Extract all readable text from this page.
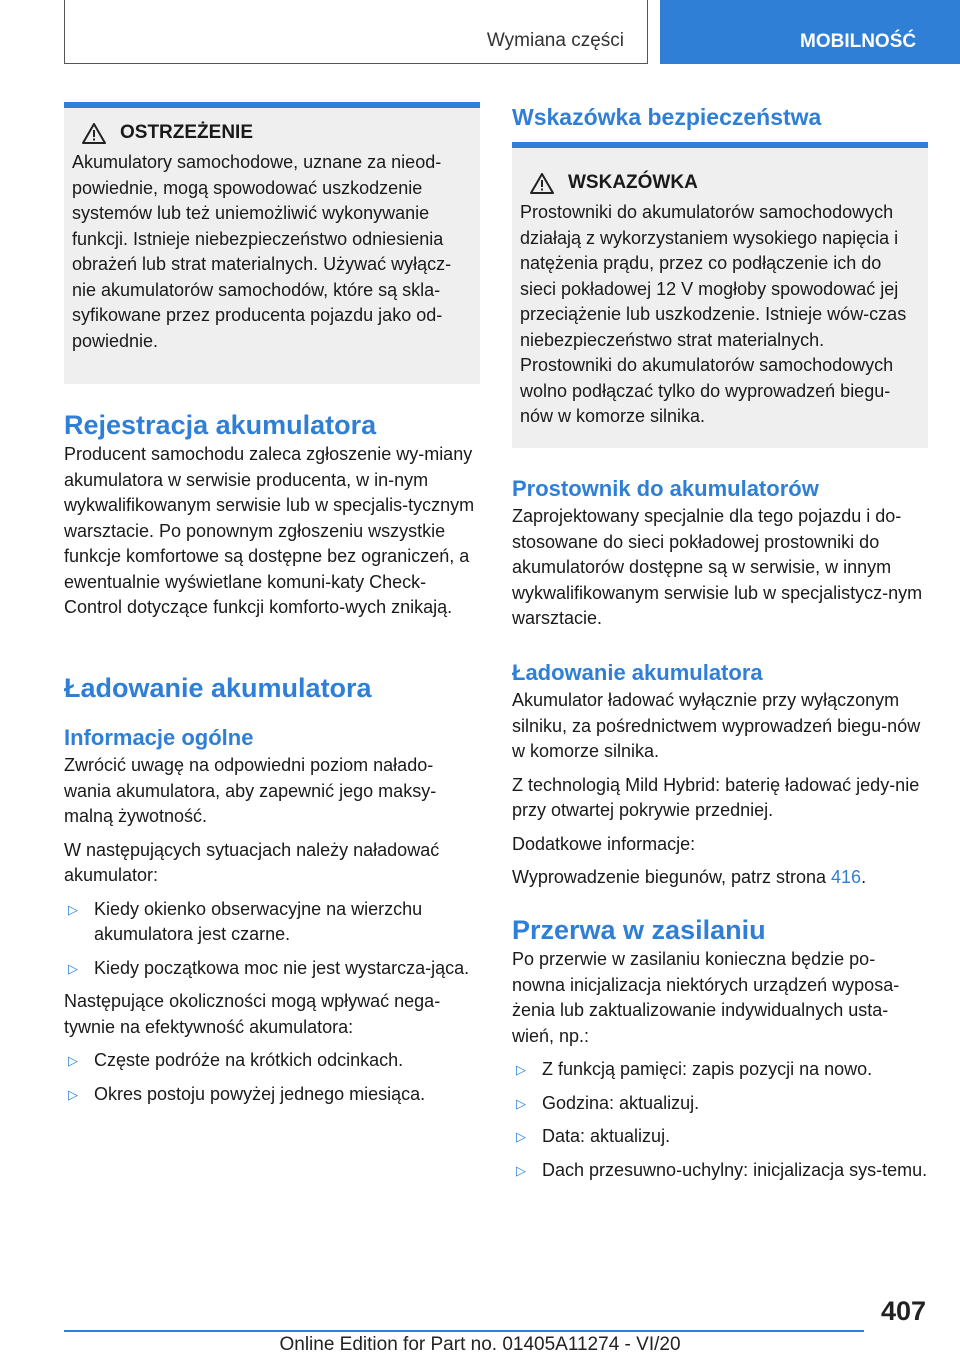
Wymiana części	MOBILNOŚĆ
OSTRZEŻENIE

Akumulatory samochodowe, uznane za nieod-powiednie, mogą spowodować uszkodzenie systemów lub też uniemożliwić wykonywanie funkcji. Istnieje niebezpieczeństwo odniesienia obrażeń lub strat materialnych. Używać wyłącz-nie akumulatorów samochodów, które są skla-syfikowane przez producenta pojazdu jako od-powiednie.

Rejestracja akumulatora

Producent samochodu zaleca zgłoszenie wy-miany akumulatora w serwisie producenta, w in-nym wykwalifikowanym serwisie lub w specjalis-tycznym warsztacie. Po ponownym zgłoszeniu wszystkie funkcje komfortowe są dostępne bez ograniczeń, a ewentualnie wyświetlane komuni-katy Check-Control dotyczące funkcji komforto-wych znikają.

Ładowanie akumulatora
Informacje ogólne

Zwrócić uwagę na odpowiedni poziom nałado-wania akumulatora, aby zapewnić jego maksy-malną żywotność.

W następujących sytuacjach należy naładować akumulator:

▷ Kiedy okienko obserwacyjne na wierzchu akumulatora jest czarne.
▷ Kiedy początkowa moc nie jest wystarcza-jąca.

Następujące okoliczności mogą wpływać nega-tywnie na efektywność akumulatora:

▷ Częste podróże na krótkich odcinkach.
▷ Okres postoju powyżej jednego miesiąca.
Wskazówka bezpieczeństwa
WSKAZÓWKA

Prostowniki do akumulatorów samochodowych działają z wykorzystaniem wysokiego napięcia i natężenia prądu, przez co podłączenie ich do sieci pokładowej 12 V mogłoby spowodować jej przeciążenie lub uszkodzenie. Istnieje wów-czas niebezpieczeństwo strat materialnych. Prostowniki do akumulatorów samochodowych wolno podłączać tylko do wyprowadzeń biegu-nów w komorze silnika.

Prostownik do akumulatorów

Zaprojektowany specjalnie dla tego pojazdu i do-stosowane do sieci pokładowej prostowniki do akumulatorów dostępne są w serwisie, w innym wykwalifikowanym serwisie lub w specjalistycz-nym warsztacie.

Ładowanie akumulatora

Akumulator ładować wyłącznie przy wyłączonym silniku, za pośrednictwem wyprowadzeń biegu-nów w komorze silnika.

Z technologią Mild Hybrid: baterię ładować jedy-nie przy otwartej pokrywie przedniej.

Dodatkowe informacje:

Wyprowadzenie biegunów, patrz strona 416.

Przerwa w zasilaniu

Po przerwie w zasilaniu konieczna będzie po-nowna inicjalizacja niektórych urządzeń wyposa-żenia lub zaktualizowanie indywidualnych usta-wień, np.:

▷ Z funkcją pamięci: zapis pozycji na nowo.
▷ Godzina: aktualizuj.
▷ Data: aktualizuj.
▷ Dach przesuwno-uchylny: inicjalizacja sys-temu.
407
Online Edition for Part no. 01405A11274 - VI/20
